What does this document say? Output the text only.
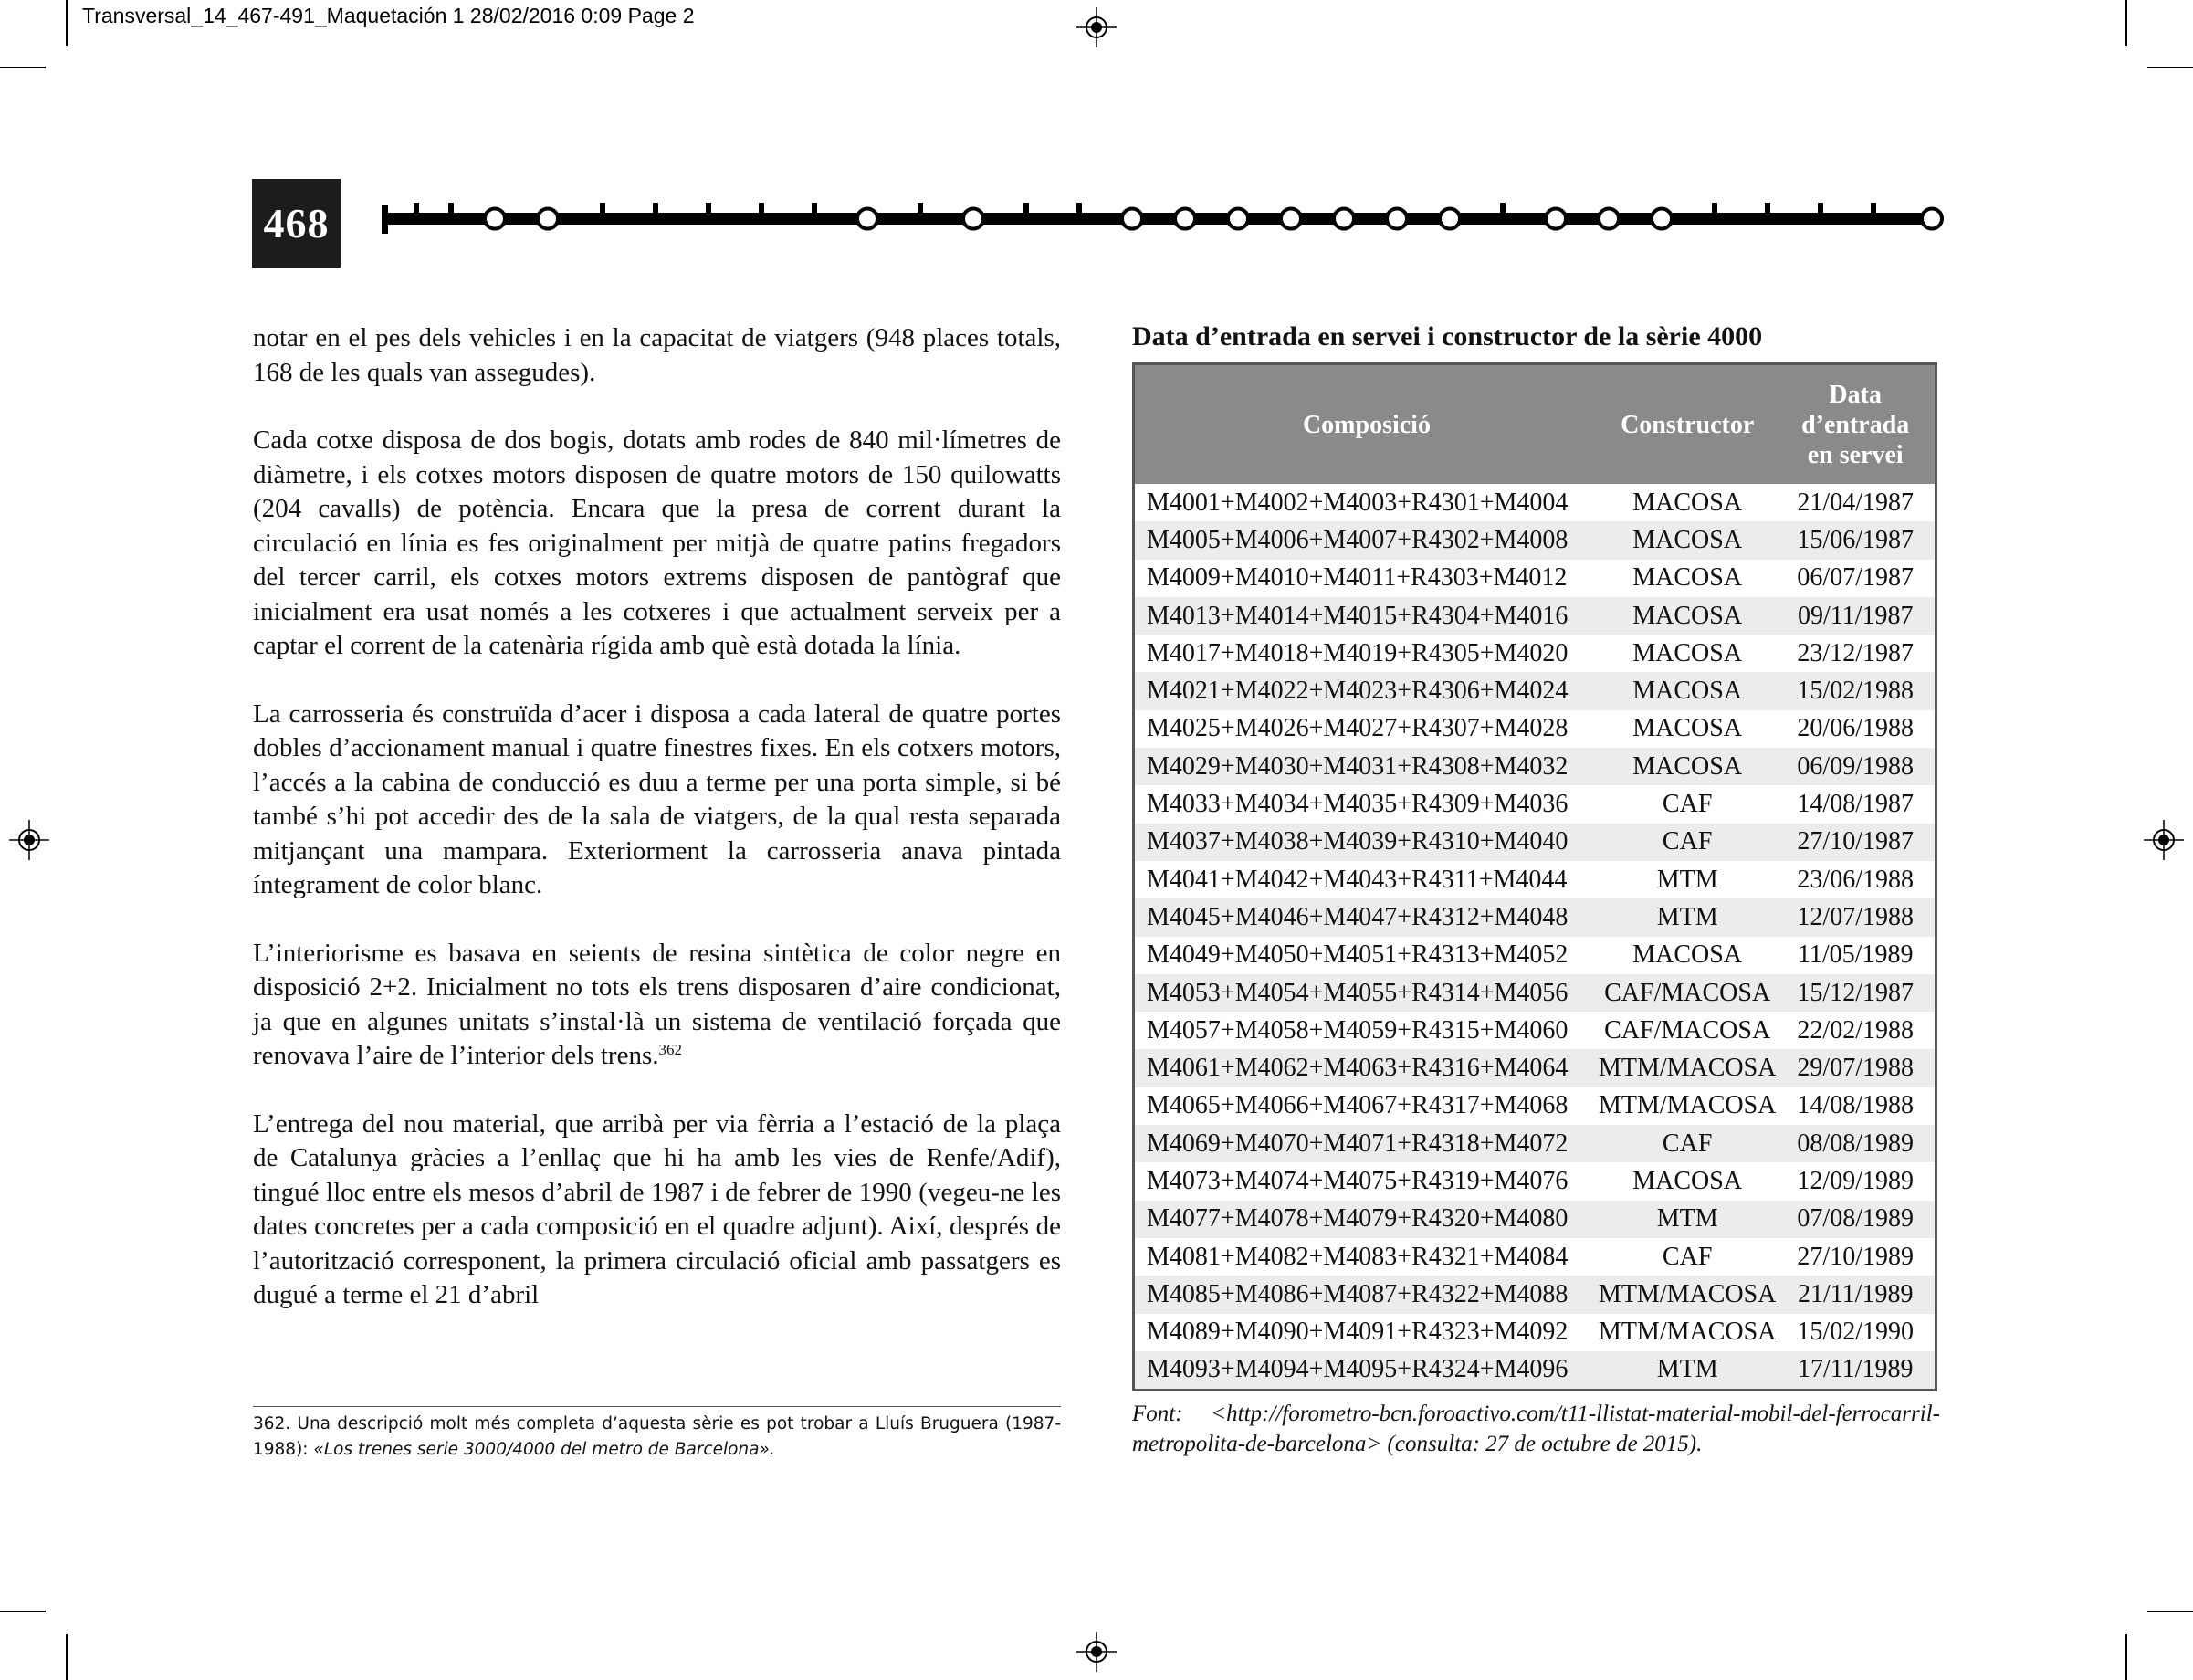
Transversal_14_467-491_Maquetación 1 28/02/2016 0:09 Page 2
468

notar en el pes dels vehicles i en la capacitat de viatgers (948 places totals, 168 de les quals van assegudes).

Cada cotxe disposa de dos bogis, dotats amb rodes de 840 mil·límetres de diàmetre, i els cotxes motors disposen de quatre motors de 150 quilowatts (204 cavalls) de potència. Encara que la presa de corrent durant la circulació en línia es fes originalment per mitjà de quatre patins fregadors del tercer carril, els cotxes motors extrems disposen de pantògraf que inicialment era usat només a les cotxeres i que actualment serveix per a captar el corrent de la catenària rígida amb què està dotada la línia.

La carrosseria és construïda d’acer i disposa a cada lateral de quatre portes dobles d’accionament manual i quatre finestres fixes. En els cotxers motors, l’accés a la cabina de conducció es duu a terme per una porta simple, si bé també s’hi pot accedir des de la sala de viatgers, de la qual resta separada mitjançant una mampara. Exteriorment la carrosseria anava pintada íntegrament de color blanc.

L’interiorisme es basava en seients de resina sintètica de color negre en disposició 2+2. Inicialment no tots els trens disposaren d’aire condicionat, ja que en algunes unitats s’instal·là un sistema de ventilació forçada que renovava l’aire de l’interior dels trens.$^{362}$

L’entrega del nou material, que arribà per via fèrria a l’estació de la plaça de Catalunya gràcies a l’enllaç que hi ha amb les vies de Renfe/Adif), tingué lloc entre els mesos d’abril de 1987 i de febrer de 1990 (vegeu-ne les dates concretes per a cada composició en el quadre adjunt). Així, després de l’autorització corresponent, la primera circulació oficial amb passatgers es dugué a terme el 21 d’abril

362. Una descripció molt més completa d’aquesta sèrie es pot trobar a Lluís Bruguera (1987-1988): «Los trenes serie 3000/4000 del metro de Barcelona».
Data d’entrada en servei i constructor de la sèrie 4000
Composició	Constructor	Data d’entrada en servei
M4001+M4002+M4003+R4301+M4004	MACOSA	21/04/1987
M4005+M4006+M4007+R4302+M4008	MACOSA	15/06/1987
M4009+M4010+M4011+R4303+M4012	MACOSA	06/07/1987
M4013+M4014+M4015+R4304+M4016	MACOSA	09/11/1987
M4017+M4018+M4019+R4305+M4020	MACOSA	23/12/1987
M4021+M4022+M4023+R4306+M4024	MACOSA	15/02/1988
M4025+M4026+M4027+R4307+M4028	MACOSA	20/06/1988
M4029+M4030+M4031+R4308+M4032	MACOSA	06/09/1988
M4033+M4034+M4035+R4309+M4036	CAF	14/08/1987
M4037+M4038+M4039+R4310+M4040	CAF	27/10/1987
M4041+M4042+M4043+R4311+M4044	MTM	23/06/1988
M4045+M4046+M4047+R4312+M4048	MTM	12/07/1988
M4049+M4050+M4051+R4313+M4052	MACOSA	11/05/1989
M4053+M4054+M4055+R4314+M4056	CAF/MACOSA	15/12/1987
M4057+M4058+M4059+R4315+M4060	CAF/MACOSA	22/02/1988
M4061+M4062+M4063+R4316+M4064	MTM/MACOSA	29/07/1988
M4065+M4066+M4067+R4317+M4068	MTM/MACOSA	14/08/1988
M4069+M4070+M4071+R4318+M4072	CAF	08/08/1989
M4073+M4074+M4075+R4319+M4076	MACOSA	12/09/1989
M4077+M4078+M4079+R4320+M4080	MTM	07/08/1989
M4081+M4082+M4083+R4321+M4084	CAF	27/10/1989
M4085+M4086+M4087+R4322+M4088	MTM/MACOSA	21/11/1989
M4089+M4090+M4091+R4323+M4092	MTM/MACOSA	15/02/1990
M4093+M4094+M4095+R4324+M4096	MTM	17/11/1989
Font: <http://forometro-bcn.foroactivo.com/t11-llistat-material-mobil-del-ferrocarril-metropolita-de-barcelona> (consulta: 27 de octubre de 2015).
